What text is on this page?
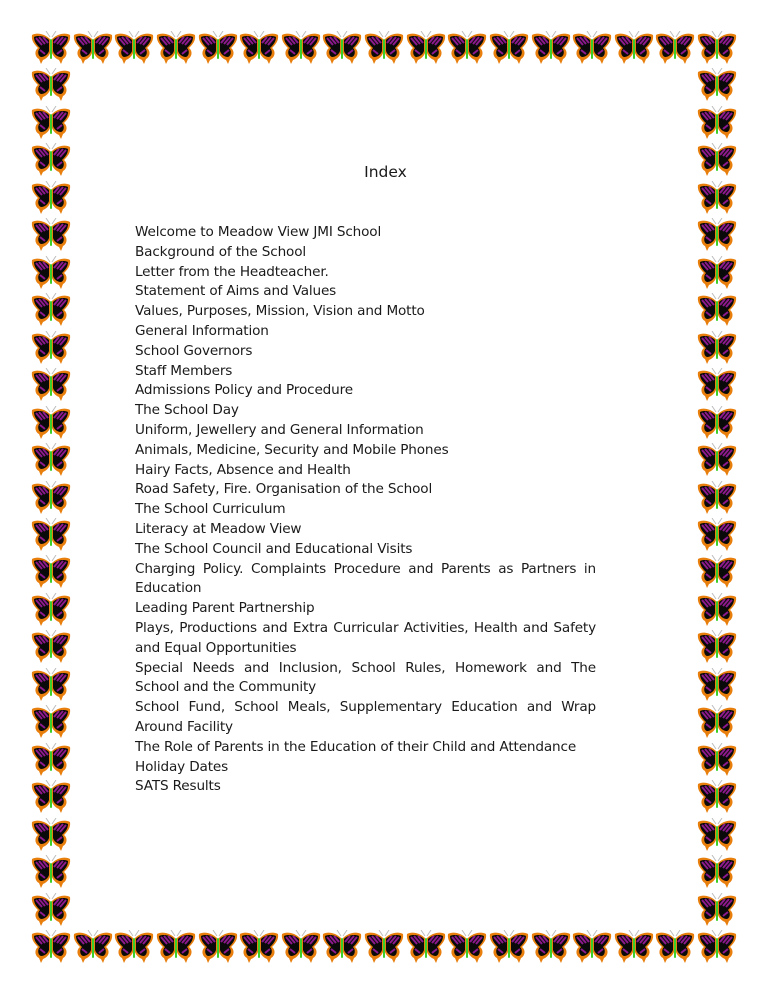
Index
Welcome to Meadow View JMI School
Background of the School
Letter from the Headteacher.
Statement of Aims and Values
Values, Purposes, Mission, Vision and Motto
General Information
School Governors
Staff Members
Admissions Policy and Procedure
The School Day
Uniform, Jewellery and General Information
Animals, Medicine, Security and Mobile Phones
Hairy Facts, Absence and Health
Road Safety, Fire. Organisation of the School
The School Curriculum
Literacy at Meadow View
The School Council and Educational Visits
Charging Policy. Complaints Procedure and Parents as Partners in Education
Leading Parent Partnership
Plays, Productions and Extra Curricular Activities, Health and Safety and Equal Opportunities
Special Needs and Inclusion, School Rules, Homework and The School and the Community
School Fund, School Meals, Supplementary Education and Wrap Around Facility
The Role of Parents in the Education of their Child and Attendance
Holiday Dates
SATS Results
